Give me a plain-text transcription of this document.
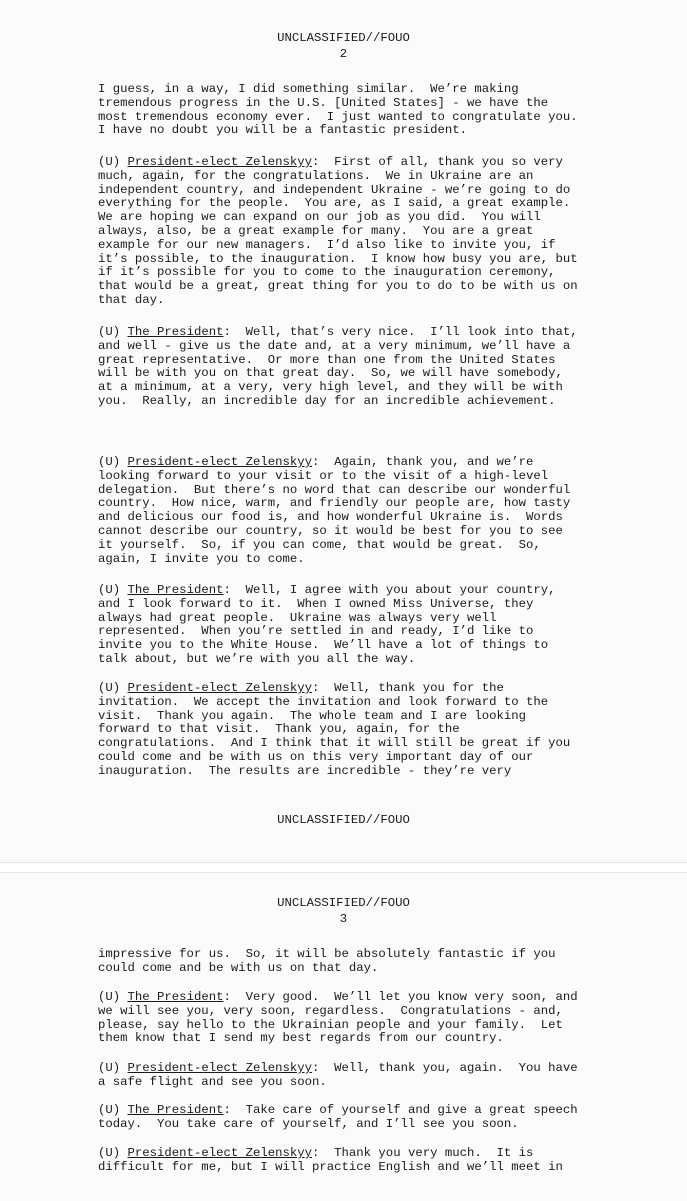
UNCLASSIFIED//FOUO
2
I guess, in a way, I did something similar.  We’re making
tremendous progress in the U.S. [United States] - we have the
most tremendous economy ever.  I just wanted to congratulate you.
I have no doubt you will be a fantastic president.
(U) President-elect Zelenskyy:  First of all, thank you so very
much, again, for the congratulations.  We in Ukraine are an
independent country, and independent Ukraine - we’re going to do
everything for the people.  You are, as I said, a great example.
We are hoping we can expand on our job as you did.  You will
always, also, be a great example for many.  You are a great
example for our new managers.  I’d also like to invite you, if
it’s possible, to the inauguration.  I know how busy you are, but
if it’s possible for you to come to the inauguration ceremony,
that would be a great, great thing for you to do to be with us on
that day.
(U) The President:  Well, that’s very nice.  I’ll look into that,
and well - give us the date and, at a very minimum, we’ll have a
great representative.  Or more than one from the United States
will be with you on that great day.  So, we will have somebody,
at a minimum, at a very, very high level, and they will be with
you.  Really, an incredible day for an incredible achievement.
(U) President-elect Zelenskyy:  Again, thank you, and we’re
looking forward to your visit or to the visit of a high-level
delegation.  But there’s no word that can describe our wonderful
country.  How nice, warm, and friendly our people are, how tasty
and delicious our food is, and how wonderful Ukraine is.  Words
cannot describe our country, so it would be best for you to see
it yourself.  So, if you can come, that would be great.  So,
again, I invite you to come.
(U) The President:  Well, I agree with you about your country,
and I look forward to it.  When I owned Miss Universe, they
always had great people.  Ukraine was always very well
represented.  When you’re settled in and ready, I’d like to
invite you to the White House.  We’ll have a lot of things to
talk about, but we’re with you all the way.
(U) President-elect Zelenskyy:  Well, thank you for the
invitation.  We accept the invitation and look forward to the
visit.  Thank you again.  The whole team and I are looking
forward to that visit.  Thank you, again, for the
congratulations.  And I think that it will still be great if you
could come and be with us on this very important day of our
inauguration.  The results are incredible - they’re very
UNCLASSIFIED//FOUO
UNCLASSIFIED//FOUO
3
impressive for us.  So, it will be absolutely fantastic if you
could come and be with us on that day.
(U) The President:  Very good.  We’ll let you know very soon, and
we will see you, very soon, regardless.  Congratulations - and,
please, say hello to the Ukrainian people and your family.  Let
them know that I send my best regards from our country.
(U) President-elect Zelenskyy:  Well, thank you, again.  You have
a safe flight and see you soon.
(U) The President:  Take care of yourself and give a great speech
today.  You take care of yourself, and I’ll see you soon.
(U) President-elect Zelenskyy:  Thank you very much.  It is
difficult for me, but I will practice English and we’ll meet in
